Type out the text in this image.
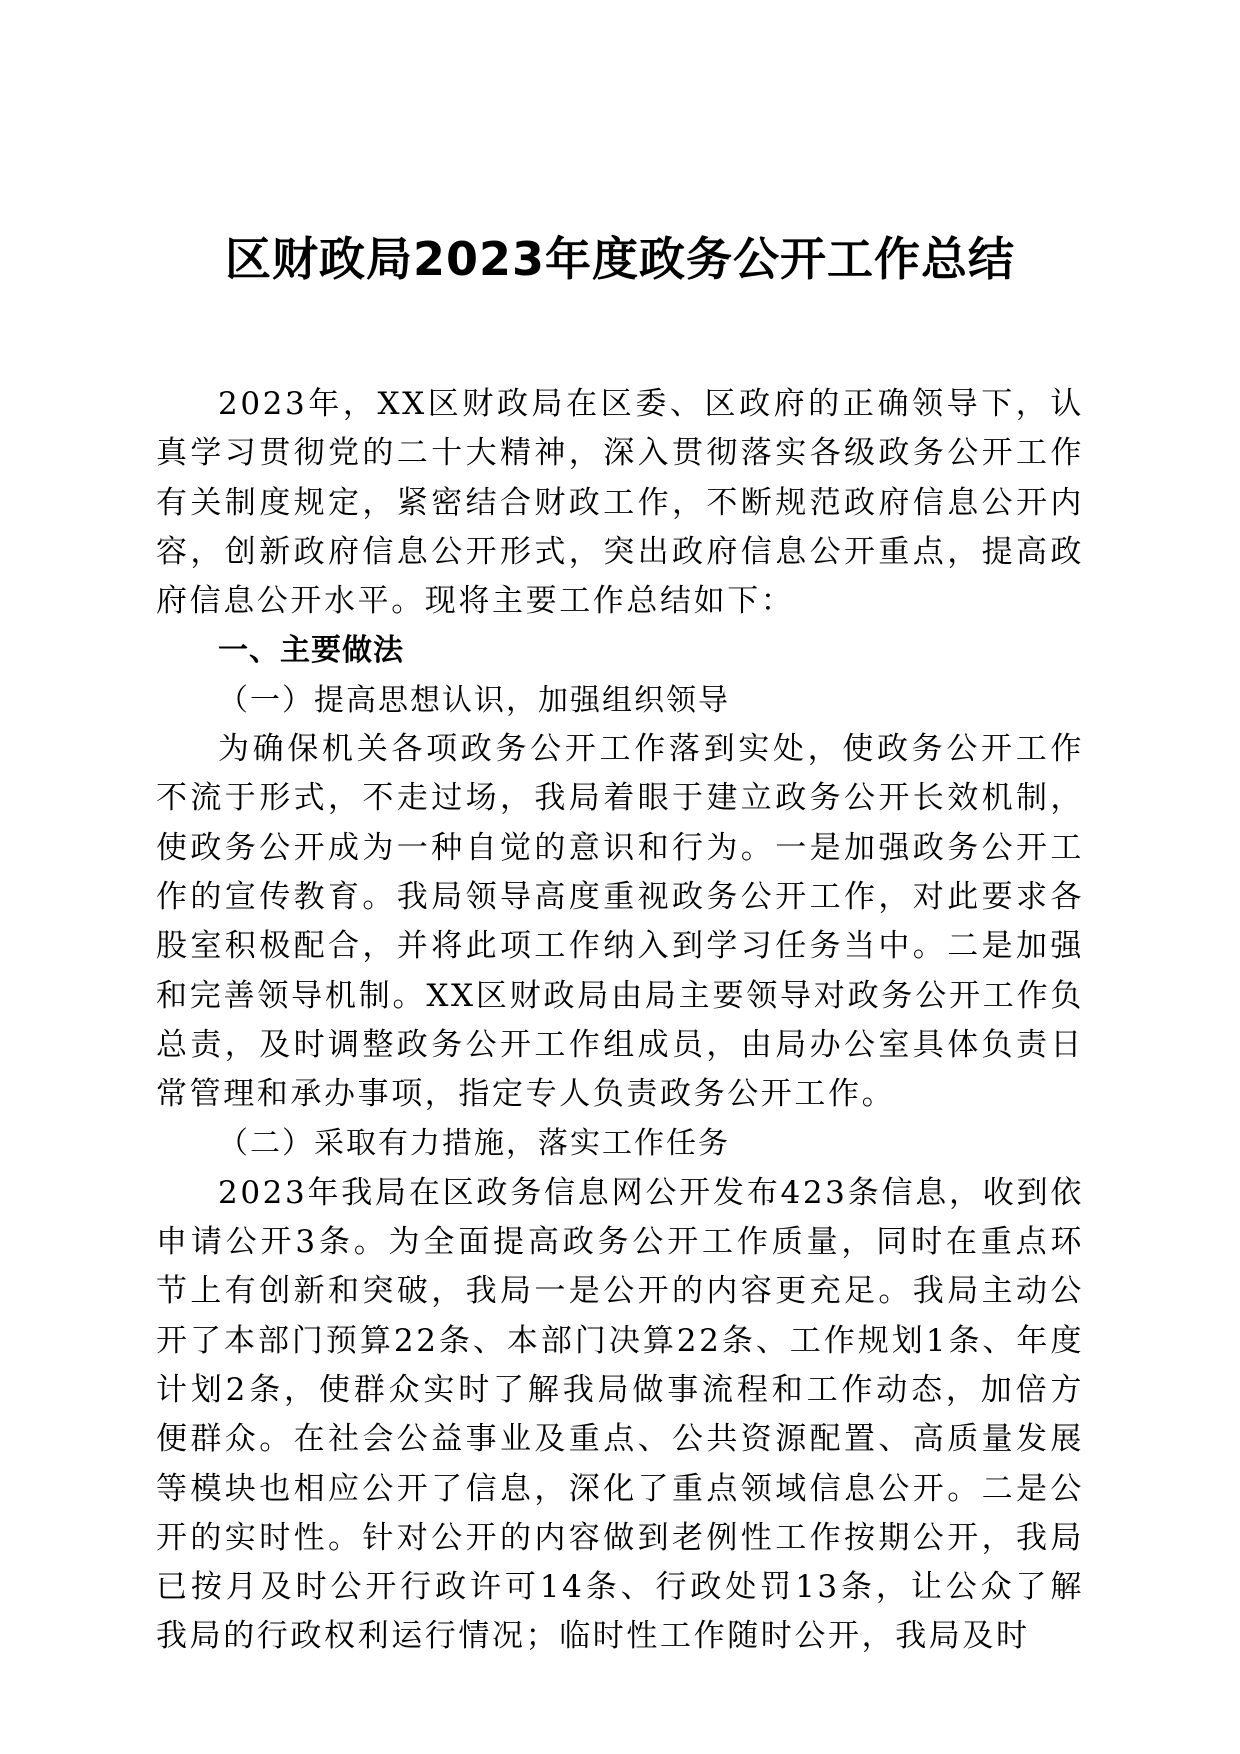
区财政局2023年度政务公开工作总结

2023年，XX区财政局在区委、区政府的正确领导下，认真学习贯彻党的二十大精神，深入贯彻落实各级政务公开工作有关制度规定，紧密结合财政工作，不断规范政府信息公开内容，创新政府信息公开形式，突出政府信息公开重点，提高政府信息公开水平。现将主要工作总结如下：

一、主要做法

（一）提高思想认识，加强组织领导

为确保机关各项政务公开工作落到实处，使政务公开工作不流于形式，不走过场，我局着眼于建立政务公开长效机制，使政务公开成为一种自觉的意识和行为。一是加强政务公开工作的宣传教育。我局领导高度重视政务公开工作，对此要求各股室积极配合，并将此项工作纳入到学习任务当中。二是加强和完善领导机制。XX区财政局由局主要领导对政务公开工作负总责，及时调整政务公开工作组成员，由局办公室具体负责日常管理和承办事项，指定专人负责政务公开工作。

（二）采取有力措施，落实工作任务

2023年我局在区政务信息网公开发布423条信息，收到依申请公开3条。为全面提高政务公开工作质量，同时在重点环节上有创新和突破，我局一是公开的内容更充足。我局主动公开了本部门预算22条、本部门决算22条、工作规划1条、年度计划2条，使群众实时了解我局做事流程和工作动态，加倍方便群众。在社会公益事业及重点、公共资源配置、高质量发展等模块也相应公开了信息，深化了重点领域信息公开。二是公开的实时性。针对公开的内容做到老例性工作按期公开，我局已按月及时公开行政许可14条、行政处罚13条，让公众了解我局的行政权利运行情况；临时性工作随时公开，我局及时
